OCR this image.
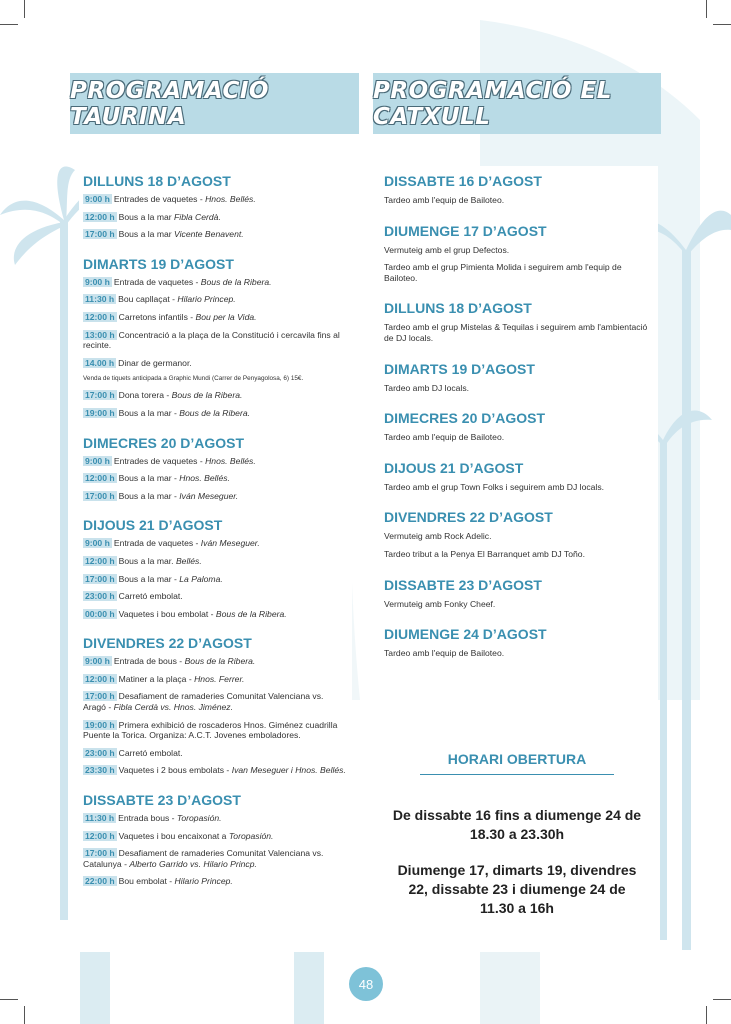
PROGRAMACIÓ TAURINA
PROGRAMACIÓ EL CATXULL
DILLUNS 18 D’AGOST
9:00 h Entrades de vaquetes - Hnos. Bellés.
12:00 h Bous a la mar Fibla Cerdà.
17:00 h Bous a la mar Vicente Benavent.
DIMARTS 19 D’AGOST
9:00 h Entrada de vaquetes - Bous de la Ribera.
11:30 h Bou capllaçat - Hilario Princep.
12:00 h Carretons infantils - Bou per la Vida.
13:00 h Concentració a la plaça de la Constitució i cercavila fins al recinte.
14.00 h Dinar de germanor.
Venda de tiquets anticipada a Graphic Mundi (Carrer de Penyagolosa, 6) 15€.
17:00 h Dona torera - Bous de la Ribera.
19:00 h Bous a la mar - Bous de la Ribera.
DIMECRES 20 D’AGOST
9:00 h Entrades de vaquetes - Hnos. Bellés.
12:00 h Bous a la mar - Hnos. Bellés.
17:00 h Bous a la mar - Iván Meseguer.
DIJOUS 21 D’AGOST
9:00 h Entrada de vaquetes - Iván Meseguer.
12:00 h Bous a la mar. Bellés.
17:00 h Bous a la mar - La Paloma.
23:00 h Carretó embolat.
00:00 h Vaquetes i bou embolat - Bous de la Ribera.
DIVENDRES 22 D’AGOST
9:00 h Entrada de bous - Bous de la Ribera.
12:00 h Matiner a la plaça - Hnos. Ferrer.
17:00 h Desafiament de ramaderies Comunitat Valenciana vs. Aragó - Fibla Cerdà vs. Hnos. Jiménez.
19:00 h Primera exhibició de roscaderos Hnos. Giménez cuadrilla Puente la Torica. Organiza: A.C.T. Jovenes emboladores.
23:00 h Carretó embolat.
23:30 h Vaquetes i 2 bous embolats - Ivan Meseguer i Hnos. Bellés.
DISSABTE 23 D’AGOST
11:30 h Entrada bous - Toropasión.
12:00 h Vaquetes i bou encaixonat a Toropasión.
17:00 h Desafiament de ramaderies Comunitat Valenciana vs. Catalunya - Alberto Garrido vs. Hilario Princp.
22:00 h Bou embolat - Hilario Princep.
DISSABTE 16 D’AGOST
Tardeo amb l'equip de Bailoteo.
DIUMENGE 17 D’AGOST
Vermuteig amb el grup Defectos.
Tardeo amb el grup Pimienta Molida i seguirem amb l'equip de Bailoteo.
DILLUNS 18 D’AGOST
Tardeo amb el grup Mistelas & Tequilas i seguirem amb l'ambientació de DJ locals.
DIMARTS 19 D’AGOST
Tardeo amb DJ locals.
DIMECRES 20 D’AGOST
Tardeo amb l'equip de Bailoteo.
DIJOUS 21 D’AGOST
Tardeo amb el grup Town Folks i seguirem amb DJ locals.
DIVENDRES 22 D’AGOST
Vermuteig amb Rock Adelic.
Tardeo tribut a la Penya El Barranquet amb DJ Toño.
DISSABTE 23 D’AGOST
Vermuteig amb Fonky Cheef.
DIUMENGE 24 D’AGOST
Tardeo amb l'equip de Bailoteo.
HORARI OBERTURA
De dissabte 16 fins a diumenge 24 de 18.30 a 23.30h
Diumenge 17, dimarts 19, divendres 22, dissabte 23 i diumenge 24 de 11.30 a 16h
48
